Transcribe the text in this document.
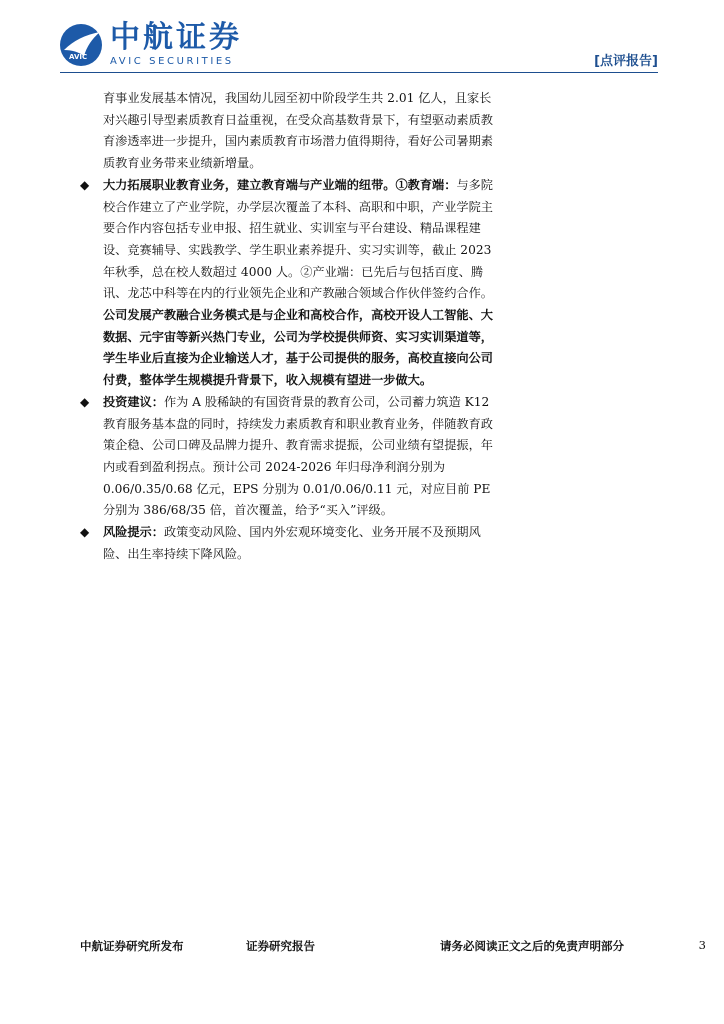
AVIC
中航证券
AVIC SECURITIES	[点评报告]
育事业发展基本情况，我国幼儿园至初中阶段学生共 2.01 亿人，且家长对兴趣引导型素质教育日益重视，在受众高基数背景下，有望驱动素质教育渗透率进一步提升，国内素质教育市场潜力值得期待，看好公司暑期素质教育业务带来业绩新增量。
◆ 大力拓展职业教育业务，建立教育端与产业端的纽带。①教育端：与多院校合作建立了产业学院，办学层次覆盖了本科、高职和中职，产业学院主要合作内容包括专业申报、招生就业、实训室与平台建设、精品课程建设、竞赛辅导、实践教学、学生职业素养提升、实习实训等，截止 2023 年秋季，总在校人数超过 4000 人。②产业端：已先后与包括百度、腾讯、龙芯中科等在内的行业领先企业和产教融合领域合作伙伴签约合作。公司发展产教融合业务模式是与企业和高校合作，高校开设人工智能、大数据、元宇宙等新兴热门专业，公司为学校提供师资、实习实训渠道等，学生毕业后直接为企业输送人才，基于公司提供的服务，高校直接向公司付费，整体学生规模提升背景下，收入规模有望进一步做大。
◆ 投资建议：作为 A 股稀缺的有国资背景的教育公司，公司蓄力筑造 K12 教育服务基本盘的同时，持续发力素质教育和职业教育业务，伴随教育政策企稳、公司口碑及品牌力提升、教育需求提振，公司业绩有望提振，年内或看到盈利拐点。预计公司 2024-2026 年归母净利润分别为 0.06/0.35/0.68 亿元，EPS 分别为 0.01/0.06/0.11 元，对应目前 PE 分别为 386/68/35 倍，首次覆盖，给予“买入”评级。
◆ 风险提示：政策变动风险、国内外宏观环境变化、业务开展不及预期风险、出生率持续下降风险。
中航证券研究所发布	证券研究报告	请务必阅读正文之后的免责声明部分	3
